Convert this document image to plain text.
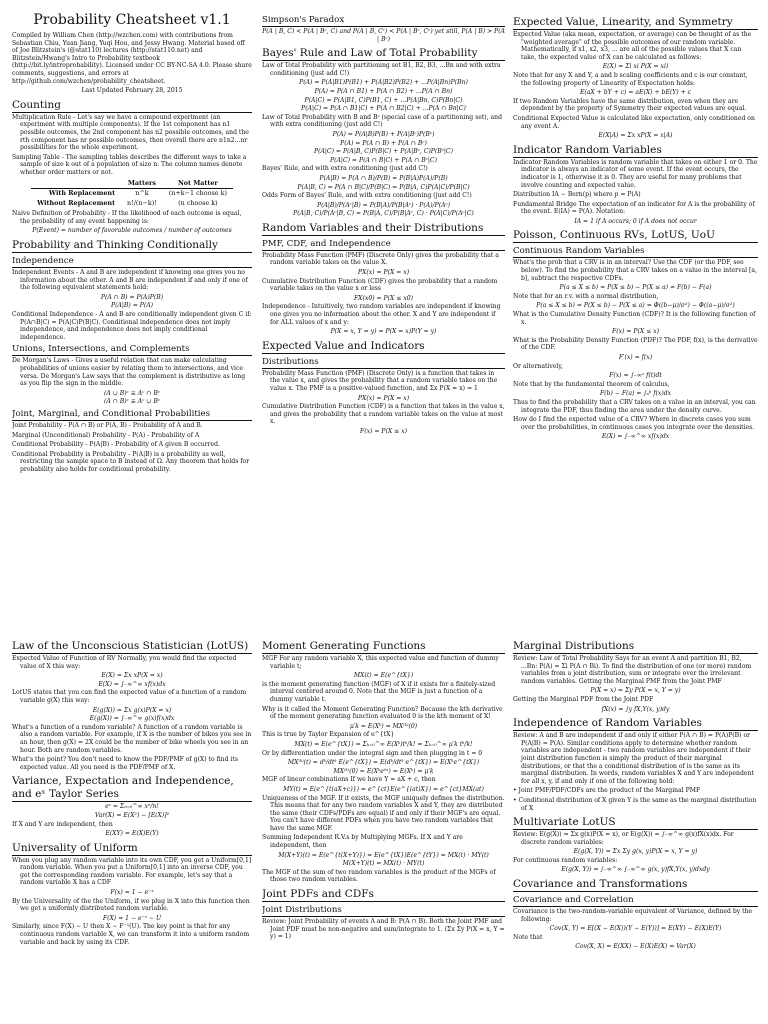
Probability Cheatsheet v1.1

Compiled by William Chen (http://wzchen.com) with contributions from Sebastian Chiu, Yuan Jiang, Yuqi Hou, and Jessy Hwang. Material based off of Joe Blitzstein's (@stat110) lectures (http://stat110.net) and Blitzstein/Hwang's Intro to Probability textbook (http://bit.ly/introprobability). Licensed under CC BY-NC-SA 4.0. Please share comments, suggestions, and errors at http://github.com/wzchen/probability_cheatsheet.

Last Updated February 28, 2015

Counting

Multiplication Rule - Let's say we have a compound experiment (an experiment with multiple components). If the 1st component has n1 possible outcomes, the 2nd component has n2 possible outcomes, and the rth component has nr possible outcomes, then overall there are n1n2...nr possibilities for the whole experiment.

Sampling Table - The sampling tables describes the different ways to take a sample of size k out of a population of size n. The column names denote whether order matters or not.

	Matters	Not Matter
With Replacement	n^k	(n+k−1 choose k)
Without Replacement	n!/(n−k)!	(n choose k)

Naive Definition of Probability - If the likelihood of each outcome is equal, the probability of any event happening is:

P(Event) = number of favorable outcomes / number of outcomes

Probability and Thinking Conditionally
Independence

Independent Events - A and B are independent if knowing one gives you no information about the other. A and B are independent if and only if one of the following equivalent statements hold:

P(A ∩ B) = P(A)P(B)

P(A|B) = P(A)

Conditional Independence - A and B are conditionally independent given C if: P(A∩B|C) = P(A|C)P(B|C). Conditional independence does not imply independence, and independence does not imply conditional independence.

Unions, Intersections, and Complements

De Morgan's Laws - Gives a useful relation that can make calculating probabilities of unions easier by relating them to intersections, and vice versa. De Morgan's Law says that the complement is distributive as long as you flip the sign in the middle.

(A ∪ B)ᶜ ≡ Aᶜ ∩ Bᶜ

(A ∩ B)ᶜ ≡ Aᶜ ∪ Bᶜ

Joint, Marginal, and Conditional Probabilities

Joint Probability - P(A ∩ B) or P(A, B) - Probability of A and B.

Marginal (Unconditional) Probability - P(A) - Probability of A

Conditional Probability - P(A|B) - Probability of A given B occurred.

Conditional Probability is Probability - P(A|B) is a probability as well, restricting the sample space to B instead of Ω. Any theorem that holds for probability also holds for conditional probability.

Simpson's Paradox

P(A | B, C) < P(A | Bᶜ, C) and P(A | B, Cᶜ) < P(A | Bᶜ, Cᶜ) yet still, P(A | B) > P(A | Bᶜ)

Bayes' Rule and Law of Total Probability

Law of Total Probability with partitioning set B1, B2, B3, ...Bn and with extra conditioning (just add C!)

P(A) = P(A|B1)P(B1) + P(A|B2)P(B2) + ...P(A|Bn)P(Bn)

P(A) = P(A ∩ B1) + P(A ∩ B2) + ...P(A ∩ Bn)

P(A|C) = P(A|B1, C)P(B1, C) + ...P(A|Bn, C)P(Bn|C)

P(A|C) = P(A ∩ B1|C) + P(A ∩ B2|C) + ...P(A ∩ Bn|C)

Law of Total Probability with B and Bᶜ (special case of a partitioning set), and with extra conditioning (just add C!)

P(A) = P(A|B)P(B) + P(A|Bᶜ)P(Bᶜ)

P(A) = P(A ∩ B) + P(A ∩ Bᶜ)

P(A|C) = P(A|B, C)P(B|C) + P(A|Bᶜ, C)P(Bᶜ|C)

P(A|C) = P(A ∩ B|C) + P(A ∩ Bᶜ|C)

Bayes' Rule, and with extra conditioning (just add C!)

P(A|B) = P(A ∩ B)/P(B) = P(B|A)P(A)/P(B)

P(A|B, C) = P(A ∩ B|C)/P(B|C) = P(B|A, C)P(A|C)/P(B|C)

Odds Form of Bayes' Rule, and with extra conditioning (just add C!)

P(A|B)/P(Aᶜ|B) = P(B|A)/P(B|Aᶜ) · P(A)/P(Aᶜ)

P(A|B, C)/P(Aᶜ|B, C) = P(B|A, C)/P(B|Aᶜ, C) · P(A|C)/P(Aᶜ|C)

Random Variables and their Distributions
PMF, CDF, and Independence

Probability Mass Function (PMF) (Discrete Only) gives the probability that a random variable takes on the value X.

PX(x) = P(X = x)

Cumulative Distribution Function (CDF) gives the probability that a random variable takes on the value x or less

FX(x0) = P(X ≤ x0)

Independence - Intuitively, two random variables are independent if knowing one gives you no information about the other. X and Y are independent if for ALL values of x and y:

P(X = x, Y = y) = P(X = x)P(Y = y)

Expected Value and Indicators
Distributions

Probability Mass Function (PMF) (Discrete Only) is a function that takes in the value x, and gives the probability that a random variable takes on the value x. The PMF is a positive-valued function, and Σx P(X = x) = 1

PX(x) = P(X = x)

Cumulative Distribution Function (CDF) is a function that takes in the value x, and gives the probability that a random variable takes on the value at most x.

F(x) = P(X ≤ x)

Expected Value, Linearity, and Symmetry

Expected Value (aka mean, expectation, or average) can be thought of as the "weighted average" of the possible outcomes of our random variable. Mathematically, if x1, x2, x3, ... are all of the possible values that X can take, the expected value of X can be calculated as follows:

E(X) = Σi xi P(X = xi)

Note that for any X and Y, a and b scaling coefficients and c is our constant, the following property of Linearity of Expectation holds:

E(aX + bY + c) = aE(X) + bE(Y) + c

If two Random Variables have the same distribution, even when they are dependent by the property of Symmetry their expected values are equal.

Conditional Expected Value is calculated like expectation, only conditioned on any event A.

E(X|A) = Σx xP(X = x|A)

Indicator Random Variables

Indicator Random Variables is random variable that takes on either 1 or 0. The indicator is always an indicator of some event. If the event occurs, the indicator is 1, otherwise it is 0. They are useful for many problems that involve counting and expected value.

Distribution IA ∼ Bern(p) where p = P(A)

Fundamental Bridge The expectation of an indicator for A is the probability of the event. E(IA) = P(A). Notation:

IA = 1 if A occurs; 0 if A does not occur

Poisson, Continuous RVs, LotUS, UoU
Continuous Random Variables

What's the prob that a CRV is in an interval? Use the CDF (or the PDF, see below). To find the probability that a CRV takes on a value in the interval [a, b], subtract the respective CDFs.

P(a ≤ X ≤ b) = P(X ≤ b) − P(X ≤ a) = F(b) − F(a)

Note that for an r.v. with a normal distribution,

P(a ≤ X ≤ b) = P(X ≤ b) − P(X ≤ a) = Φ((b−μ)/σ²) − Φ((a−μ)/σ²)

What is the Cumulative Density Function (CDF)? It is the following function of x.

F(x) = P(X ≤ x)

What is the Probability Density Function (PDF)? The PDF, f(x), is the derivative of the CDF.

F′(x) = f(x)

Or alternatively,

F(x) = ∫₋∞ˣ f(t)dt

Note that by the fundamental theorem of calculus,

F(b) − F(a) = ∫ₐᵇ f(x)dx

Thus to find the probability that a CRV takes on a value in an interval, you can integrate the PDF, thus finding the area under the density curve.

How do I find the expected value of a CRV? Where in discrete cases you sum over the probabilities, in continuous cases you integrate over the densities.

E(X) = ∫₋∞^∞ xf(x)dx

Law of the Unconscious Statistician (LotUS)

Expected Value of Function of RV Normally, you would find the expected value of X this way:

E(X) = Σx xP(X = x)

E(X) = ∫₋∞^∞ xf(x)dx

LotUS states that you can find the expected value of a function of a random variable g(X) this way:

E(g(X)) = Σx g(x)P(X = x)

E(g(X)) = ∫₋∞^∞ g(x)f(x)dx

What's a function of a random variable? A function of a random variable is also a random variable. For example, if X is the number of bikes you see in an hour, then g(X) = 2X could be the number of bike wheels you see in an hour. Both are random variables.

What's the point? You don't need to know the PDF/PMF of g(X) to find its expected value. All you need is the PDF/PMF of X.

Variance, Expectation and Independence, and eˣ Taylor Series

eˣ = Σₙ₌₀^∞ xⁿ/n!

Var(X) = E(X²) − [E(X)]²

If X and Y are independent, then

E(XY) = E(X)E(Y)

Universality of Uniform

When you plug any random variable into its own CDF, you get a Uniform[0,1] random variable. When you put a Uniform[0,1] into an inverse CDF, you get the corresponding random variable. For example, let's say that a random variable X has a CDF

F(x) = 1 − e⁻ˣ

By the Universality of the the Uniform, if we plug in X into this function then we get a uniformly distributed random variable.

F(X) = 1 − e⁻ˣ ∼ U

Similarly, since F(X) ∼ U then X ∼ F⁻¹(U). The key point is that for any continuous random variable X, we can transform it into a uniform random variable and back by using its CDF.

Moment Generating Functions

MGF For any random variable X, this expected value and function of dummy variable t;

MX(t) = E(e^{tX})

is the moment generating function (MGF) of X if it exists for a finitely-sized interval centered around 0. Note that the MGF is just a function of a dummy variable t.

Why is it called the Moment Generating Function? Because the kth derivative of the moment generating function evaluated 0 is the kth moment of X!

μ′k = E(Xᵏ) = MX⁽ᵏ⁾(0)

This is true by Taylor Expansion of e^{tX}

MX(t) = E(e^{tX}) = Σₖ₌₀^∞ E(Xᵏ)tᵏ/k! = Σₖ₌₀^∞ μ′k tᵏ/k!

Or by differentiation under the integral sign and then plugging in t = 0

MX⁽ᵏ⁾(t) = dᵏ/dtᵏ E(e^{tX}) = E(dᵏ/dtᵏ e^{tX}) = E(Xᵏe^{tX})

MX⁽ᵏ⁾(0) = E(Xᵏe⁰ˣ) = E(Xᵏ) = μ′k

MGF of linear combinations If we have Y = aX + c, then

MY(t) = E(e^{t(aX+c)}) = e^{ct}E(e^{(at)X}) = e^{ct}MX(at)

Uniqueness of the MGF. If it exists, the MGF uniquely defines the distribution. This means that for any two random variables X and Y, they are distributed the same (their CDFs/PDFs are equal) if and only if their MGF's are equal. You can't have different PDFs when you have two random variables that have the same MGF.

Summing Independent R.V.s by Multiplying MGFs. If X and Y are independent, then

M(X+Y)(t) = E(e^{t(X+Y)}) = E(e^{tX})E(e^{tY}) = MX(t) · MY(t)

M(X+Y)(t) = MX(t) · MY(t)

The MGF of the sum of two random variables is the product of the MGFs of those two random variables.

Joint PDFs and CDFs
Joint Distributions

Review: Joint Probability of events A and B: P(A ∩ B). Both the Joint PMF and Joint PDF must be non-negative and sum/integrate to 1. (Σx Σy P(X = x, Y = y) = 1)

Marginal Distributions

Review: Law of Total Probability Says for an event A and partition B1, B2, ...Bn: P(A) = Σi P(A ∩ Bi). To find the distribution of one (or more) random variables from a joint distribution, sum or integrate over the irrelevant random variables. Getting the Marginal PMF from the Joint PMF

P(X = x) = Σy P(X = x, Y = y)

Getting the Marginal PDF from the Joint PDF

fX(x) = ∫y fX,Y(x, y)dy

Independence of Random Variables

Review: A and B are independent if and only if either P(A ∩ B) = P(A)P(B) or P(A|B) = P(A). Similar conditions apply to determine whether random variables are independent - two random variables are independent if their joint distribution function is simply the product of their marginal distributions, or that the a conditional distribution of is the same as its marginal distribution. In words, random variables X and Y are independent for all x, y, if and only if one of the following hold:

• Joint PMF/PDF/CDFs are the product of the Marginal PMF

• Conditional distribution of X given Y is the same as the marginal distribution of X

Multivariate LotUS

Review: E(g(X)) = Σx g(x)P(X = x), or E(g(X)) = ∫₋∞^∞ g(x)fX(x)dx. For discrete random variables:

E(g(X, Y)) = Σx Σy g(x, y)P(X = x, Y = y)

For continuous random variables:

E(g(X, Y)) = ∫₋∞^∞ ∫₋∞^∞ g(x, y)fX,Y(x, y)dxdy

Covariance and Transformations
Covariance and Correlation

Covariance is the two-random-variable equivalent of Variance, defined by the following:

Cov(X, Y) = E[(X − E(X))(Y − E(Y))] = E(XY) − E(X)E(Y)

Note that

Cov(X, X) = E(XX) − E(X)E(X) = Var(X)
